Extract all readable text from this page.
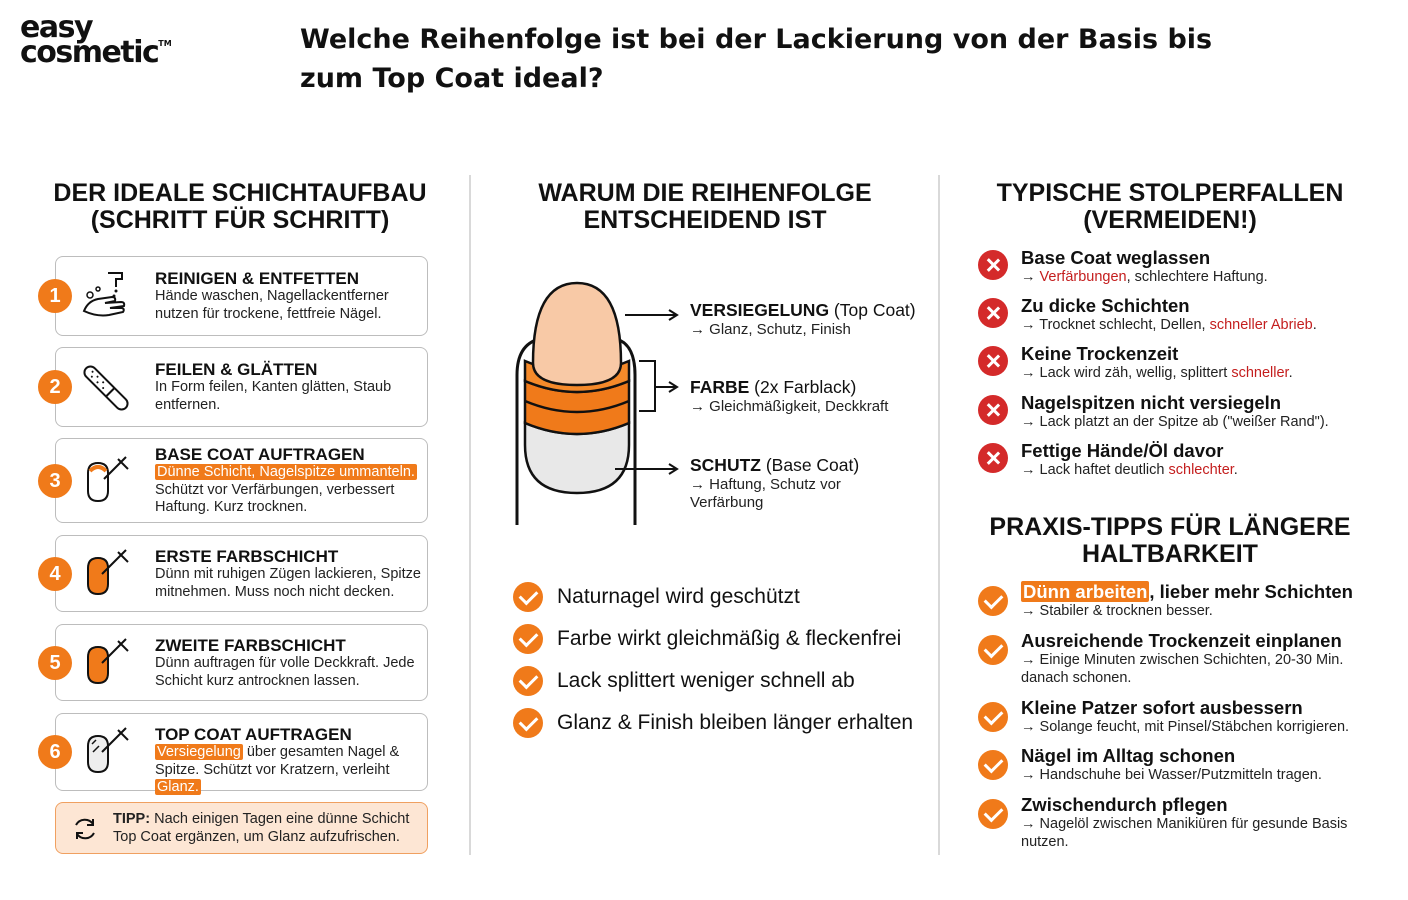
easy
cosmetic™	Welche Reihenfolge ist bei der Lackierung von der Basis bis zum Top Coat ideal?
DER IDEALE SCHICHTAUFBAU (SCHRITT FÜR SCHRITT)
1
REINIGEN & ENTFETTEN
Hände waschen, Nagellackentferner nutzen für trockene, fettfreie Nägel.
2
FEILEN & GLÄTTEN
In Form feilen, Kanten glätten, Staub entfernen.
3
BASE COAT AUFTRAGEN
Dünne Schicht, Nagelspitze ummanteln.
Schützt vor Verfärbungen, verbessert Haftung. Kurz trocknen.
4
ERSTE FARBSCHICHT
Dünn mit ruhigen Zügen lackieren, Spitze mitnehmen. Muss noch nicht decken.
5
ZWEITE FARBSCHICHT
Dünn auftragen für volle Deckkraft. Jede Schicht kurz antrocknen lassen.
6
TOP COAT AUFTRAGEN
Versiegelung über gesamten Nagel & Spitze. Schützt vor Kratzern, verleiht Glanz.
TIPP: Nach einigen Tagen eine dünne Schicht Top Coat ergänzen, um Glanz aufzufrischen.
WARUM DIE REIHENFOLGE ENTSCHEIDEND IST
VERSIEGELUNG (Top Coat)
→ Glanz, Schutz, Finish
FARBE (2x Farblack)
→ Gleichmäßigkeit, Deckkraft
SCHUTZ (Base Coat)
→ Haftung, Schutz vor Verfärbung
Naturnagel wird geschützt
Farbe wirkt gleichmäßig & fleckenfrei
Lack splittert weniger schnell ab
Glanz & Finish bleiben länger erhalten
TYPISCHE STOLPERFALLEN (VERMEIDEN!)
Base Coat weglassen
→ Verfärbungen, schlechtere Haftung.
Zu dicke Schichten
→ Trocknet schlecht, Dellen, schneller Abrieb.
Keine Trockenzeit
→ Lack wird zäh, wellig, splittert schneller.
Nagelspitzen nicht versiegeln
→ Lack platzt an der Spitze ab ("weißer Rand").
Fettige Hände/Öl davor
→ Lack haftet deutlich schlechter.
PRAXIS-TIPPS FÜR LÄNGERE HALTBARKEIT
Dünn arbeiten , lieber mehr Schichten
→ Stabiler & trocknen besser.
Ausreichende Trockenzeit einplanen
→ Einige Minuten zwischen Schichten, 20-30 Min. danach schonen.
Kleine Patzer sofort ausbessern
→ Solange feucht, mit Pinsel/Stäbchen korrigieren.
Nägel im Alltag schonen
→ Handschuhe bei Wasser/Putzmitteln tragen.
Zwischendurch pflegen
→ Nagelöl zwischen Manikiüren für gesunde Basis nutzen.
